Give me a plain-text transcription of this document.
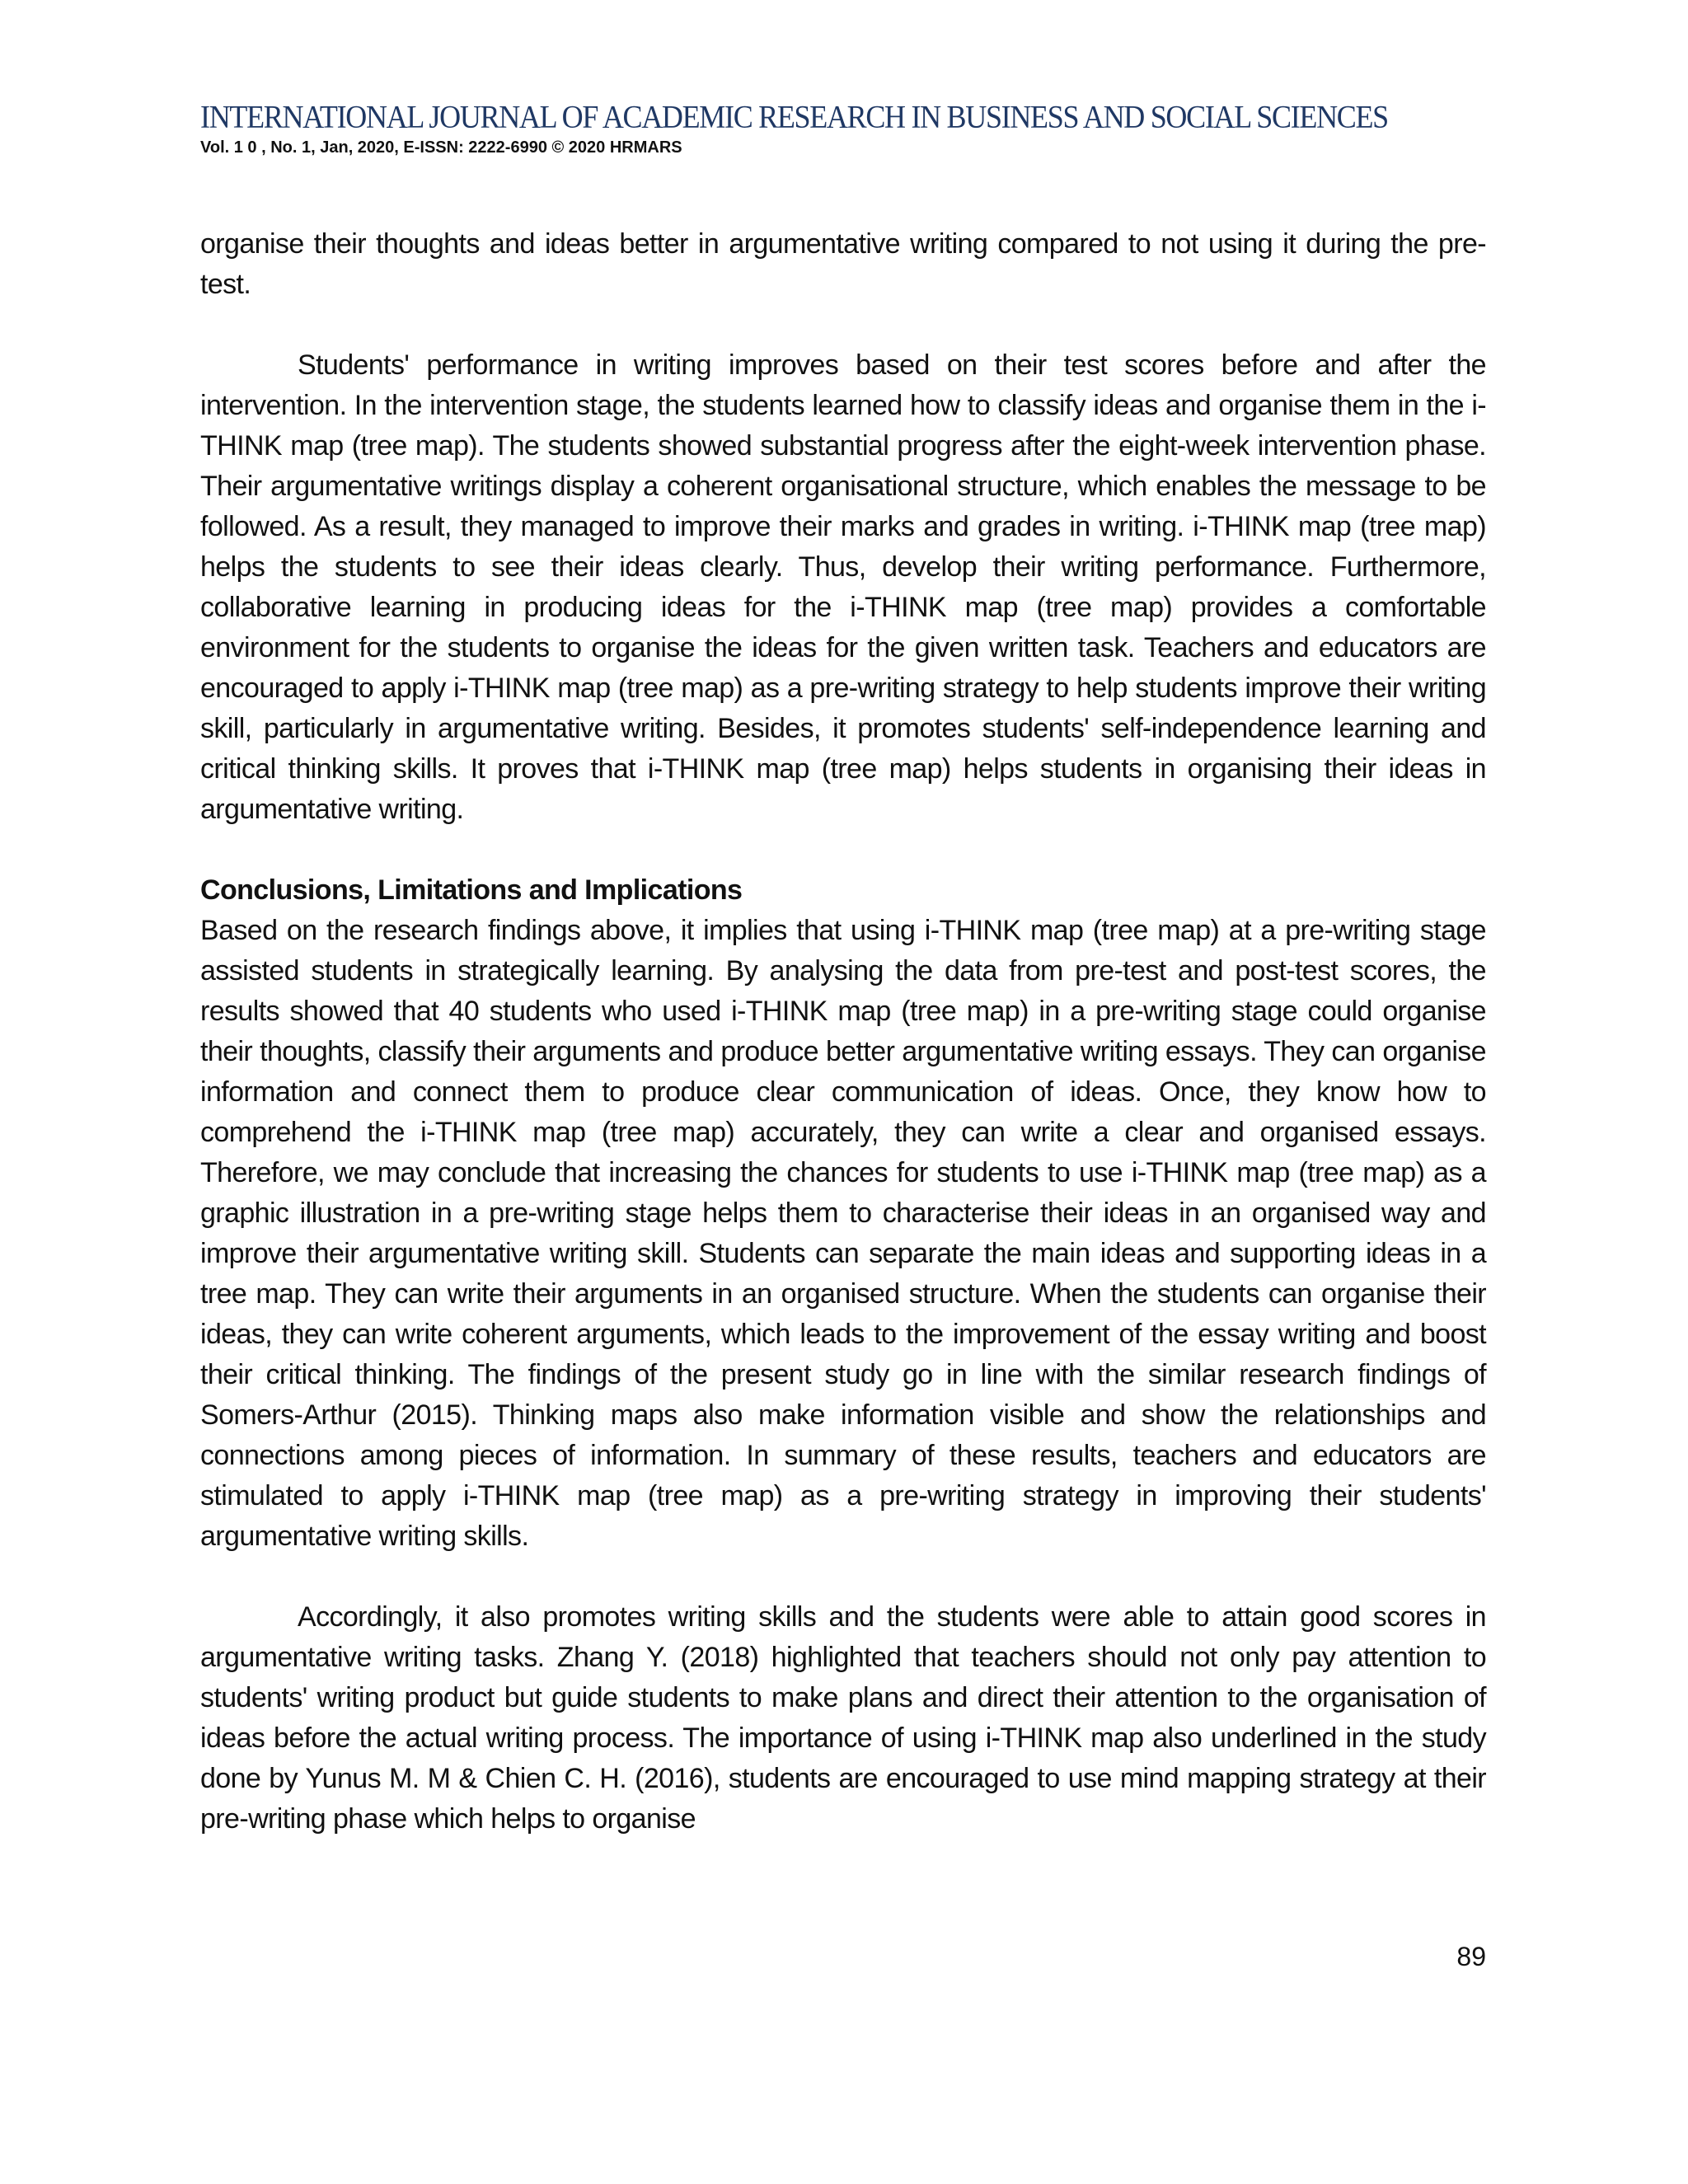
INTERNATIONAL JOURNAL OF ACADEMIC RESEARCH IN BUSINESS AND SOCIAL SCIENCES
Vol. 1 0 , No. 1, Jan, 2020, E-ISSN: 2222-6990 © 2020 HRMARS

organise their thoughts and ideas better in argumentative writing compared to not using it during the pre-test.

Students' performance in writing improves based on their test scores before and after the intervention. In the intervention stage, the students learned how to classify ideas and organise them in the i-THINK map (tree map). The students showed substantial progress after the eight-week intervention phase. Their argumentative writings display a coherent organisational structure, which enables the message to be followed. As a result, they managed to improve their marks and grades in writing. i-THINK map (tree map) helps the students to see their ideas clearly. Thus, develop their writing performance. Furthermore, collaborative learning in producing ideas for the i-THINK map (tree map) provides a comfortable environment for the students to organise the ideas for the given written task. Teachers and educators are encouraged to apply i-THINK map (tree map) as a pre-writing strategy to help students improve their writing skill, particularly in argumentative writing. Besides, it promotes students' self-independence learning and critical thinking skills. It proves that i-THINK map (tree map) helps students in organising their ideas in argumentative writing.

Conclusions, Limitations and Implications

Based on the research findings above, it implies that using i-THINK map (tree map) at a pre-writing stage assisted students in strategically learning. By analysing the data from pre-test and post-test scores, the results showed that 40 students who used i-THINK map (tree map) in a pre-writing stage could organise their thoughts, classify their arguments and produce better argumentative writing essays. They can organise information and connect them to produce clear communication of ideas. Once, they know how to comprehend the i-THINK map (tree map) accurately, they can write a clear and organised essays. Therefore, we may conclude that increasing the chances for students to use i-THINK map (tree map) as a graphic illustration in a pre-writing stage helps them to characterise their ideas in an organised way and improve their argumentative writing skill. Students can separate the main ideas and supporting ideas in a tree map. They can write their arguments in an organised structure. When the students can organise their ideas, they can write coherent arguments, which leads to the improvement of the essay writing and boost their critical thinking. The findings of the present study go in line with the similar research findings of Somers-Arthur (2015). Thinking maps also make information visible and show the relationships and connections among pieces of information. In summary of these results, teachers and educators are stimulated to apply i-THINK map (tree map) as a pre-writing strategy in improving their students' argumentative writing skills.

Accordingly, it also promotes writing skills and the students were able to attain good scores in argumentative writing tasks. Zhang Y. (2018) highlighted that teachers should not only pay attention to students' writing product but guide students to make plans and direct their attention to the organisation of ideas before the actual writing process. The importance of using i-THINK map also underlined in the study done by Yunus M. M & Chien C. H. (2016), students are encouraged to use mind mapping strategy at their pre-writing phase which helps to organise

89
